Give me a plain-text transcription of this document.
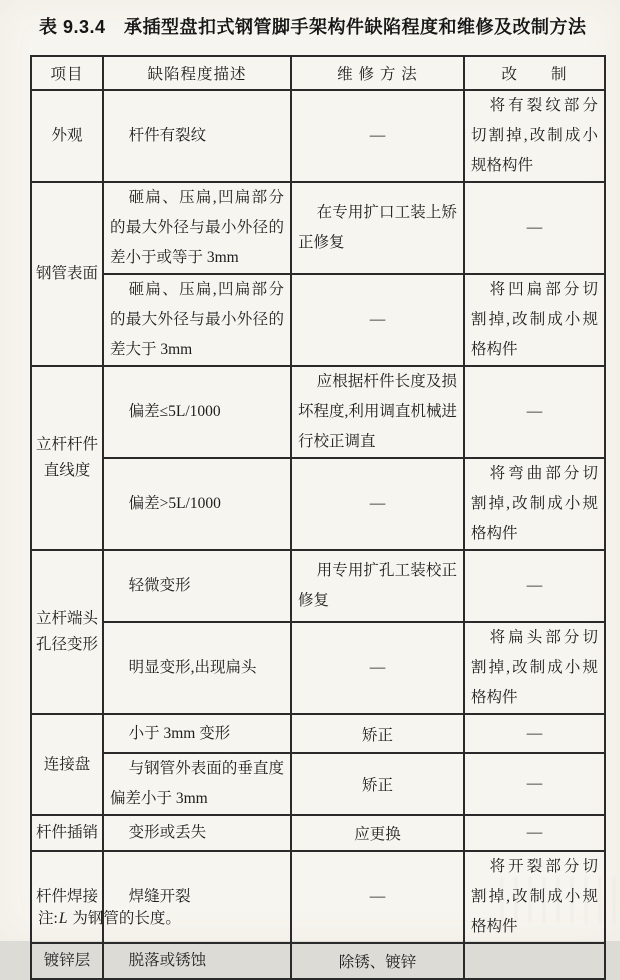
表 9.3.4　承插型盘扣式钢管脚手架构件缺陷程度和维修及改制方法
项目	缺陷程度描述	维 修 方 法	改　　制
外观	杆件有裂纹	—	将有裂纹部分切割掉,改制成小规格构件

钢管表面	砸扁、压扁,凹扁部分的最大外径与最小外径的差小于或等于 3mm	在专用扩口工装上矫正修复	—

	砸扁、压扁,凹扁部分的最大外径与最小外径的差大于 3mm	—	将凹扁部分切割掉,改制成小规格构件

立杆杆件直线度	偏差≤5L/1000	应根据杆件长度及损坏程度,利用调直机械进行校正调直	—

	偏差>5L/1000	—	将弯曲部分切割掉,改制成小规格构件

立杆端头孔径变形	轻微变形	用专用扩孔工装校正修复	—

	明显变形,出现扁头	—	将扁头部分切割掉,改制成小规格构件

连接盘	小于 3mm 变形	矫正	—

	与钢管外表面的垂直度偏差小于 3mm	矫正	—
杆件插销	变形或丢失	应更换	—
杆件焊接	焊缝开裂	—	将开裂部分切割掉,改制成小规格构件

镀锌层	脱落或锈蚀	除锈、镀锌	

注:L 为钢管的长度。
